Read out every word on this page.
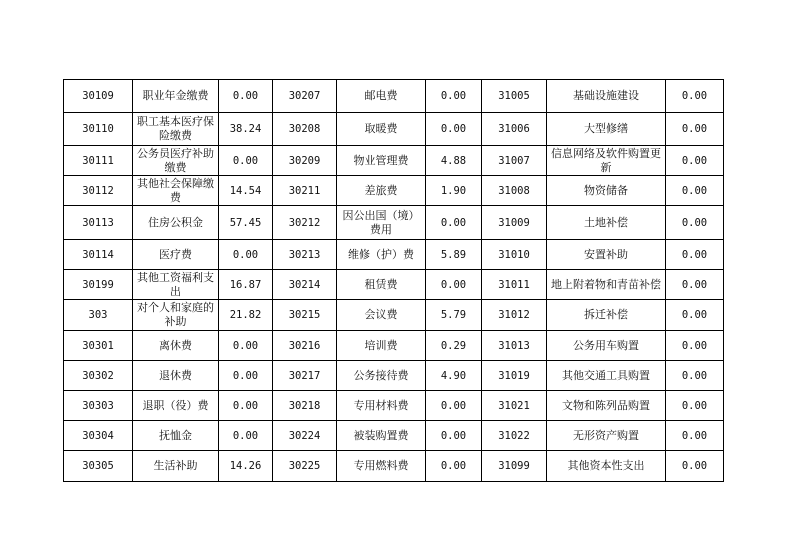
30109	职业年金缴费	0.00	30207	邮电费	0.00	31005	基础设施建设	0.00
30110	职工基本医疗保险缴费	38.24	30208	取暖费	0.00	31006	大型修缮	0.00
30111	公务员医疗补助缴费	0.00	30209	物业管理费	4.88	31007	信息网络及软件购置更新	0.00
30112	其他社会保障缴费	14.54	30211	差旅费	1.90	31008	物资储备	0.00
30113	住房公积金	57.45	30212	因公出国（境）费用	0.00	31009	土地补偿	0.00
30114	医疗费	0.00	30213	维修（护）费	5.89	31010	安置补助	0.00
30199	其他工资福利支出	16.87	30214	租赁费	0.00	31011	地上附着物和青苗补偿	0.00
303	对个人和家庭的补助	21.82	30215	会议费	5.79	31012	拆迁补偿	0.00
30301	离休费	0.00	30216	培训费	0.29	31013	公务用车购置	0.00
30302	退休费	0.00	30217	公务接待费	4.90	31019	其他交通工具购置	0.00
30303	退职（役）费	0.00	30218	专用材料费	0.00	31021	文物和陈列品购置	0.00
30304	抚恤金	0.00	30224	被装购置费	0.00	31022	无形资产购置	0.00
30305	生活补助	14.26	30225	专用燃料费	0.00	31099	其他资本性支出	0.00
